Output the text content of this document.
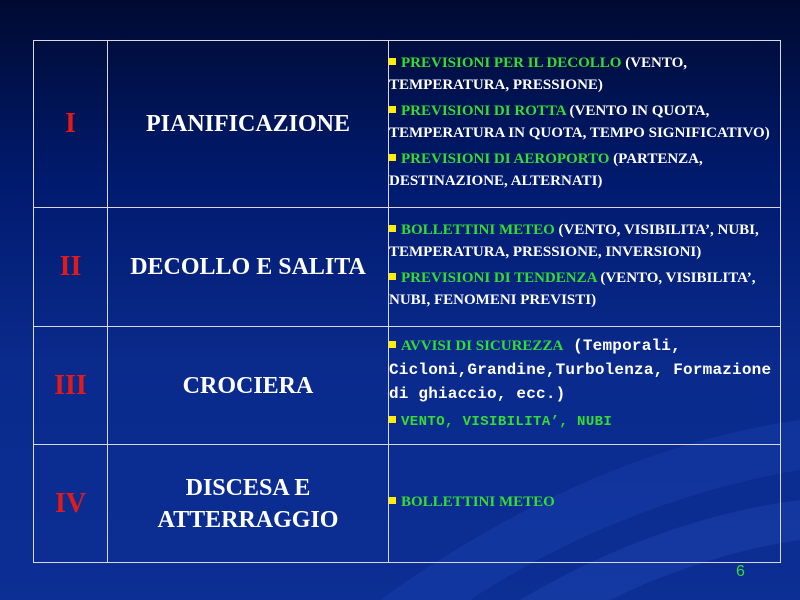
I	PIANIFICAZIONE	PREVISIONI PER IL DECOLLO (VENTO, TEMPERATURA, PRESSIONE)
PREVISIONI DI ROTTA (VENTO IN QUOTA, TEMPERATURA IN QUOTA, TEMPO SIGNIFICATIVO)
PREVISIONI DI AEROPORTO (PARTENZA, DESTINAZIONE, ALTERNATI)

II	DECOLLO E SALITA	BOLLETTINI METEO (VENTO, VISIBILITA’, NUBI, TEMPERATURA, PRESSIONE, INVERSIONI)
PREVISIONI DI TENDENZA (VENTO, VISIBILITA’, NUBI, FENOMENI PREVISTI)

III	CROCIERA	AVVISI DI SICUREZZA (Temporali, Cicloni,Grandine,Turbolenza, Formazione di ghiaccio, ecc.)
VENTO, VISIBILITA’, NUBI

IV	DISCESA E ATTERRAGGIO	BOLLETTINI METEO
6
